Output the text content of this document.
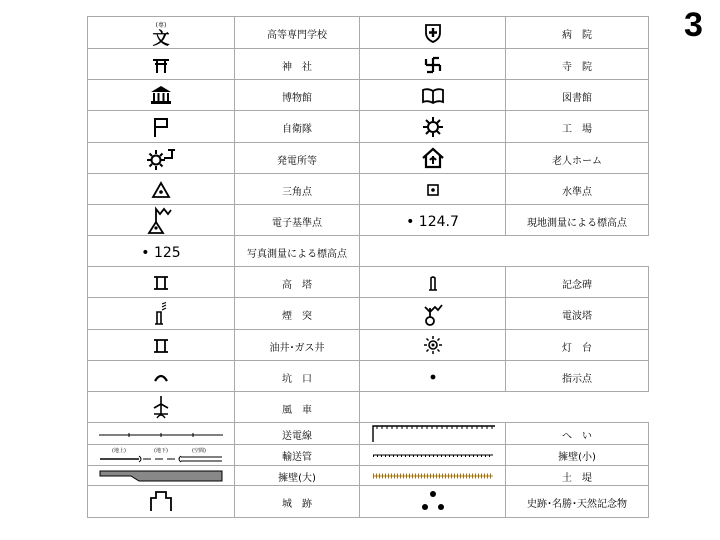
3
(専)
文	高等専門学校		病　院

	神　社		寺　院

	博物館		図書館

	自衛隊		工　場

	発電所等		老人ホーム

	三角点		水準点

	電子基準点	• 124.7	現地測量による標高点
• 125	写真測量による標高点		

	高　塔		記念碑

	煙　突		電波塔

	油井･ガス井		灯　台

	坑　口		指示点

	風　車		

	送電線		へ　い

(地上) (地下) (空間)	輸送管		擁壁(小)

	擁壁(大)		土　堤

	城　跡		史跡･名勝･天然記念物
